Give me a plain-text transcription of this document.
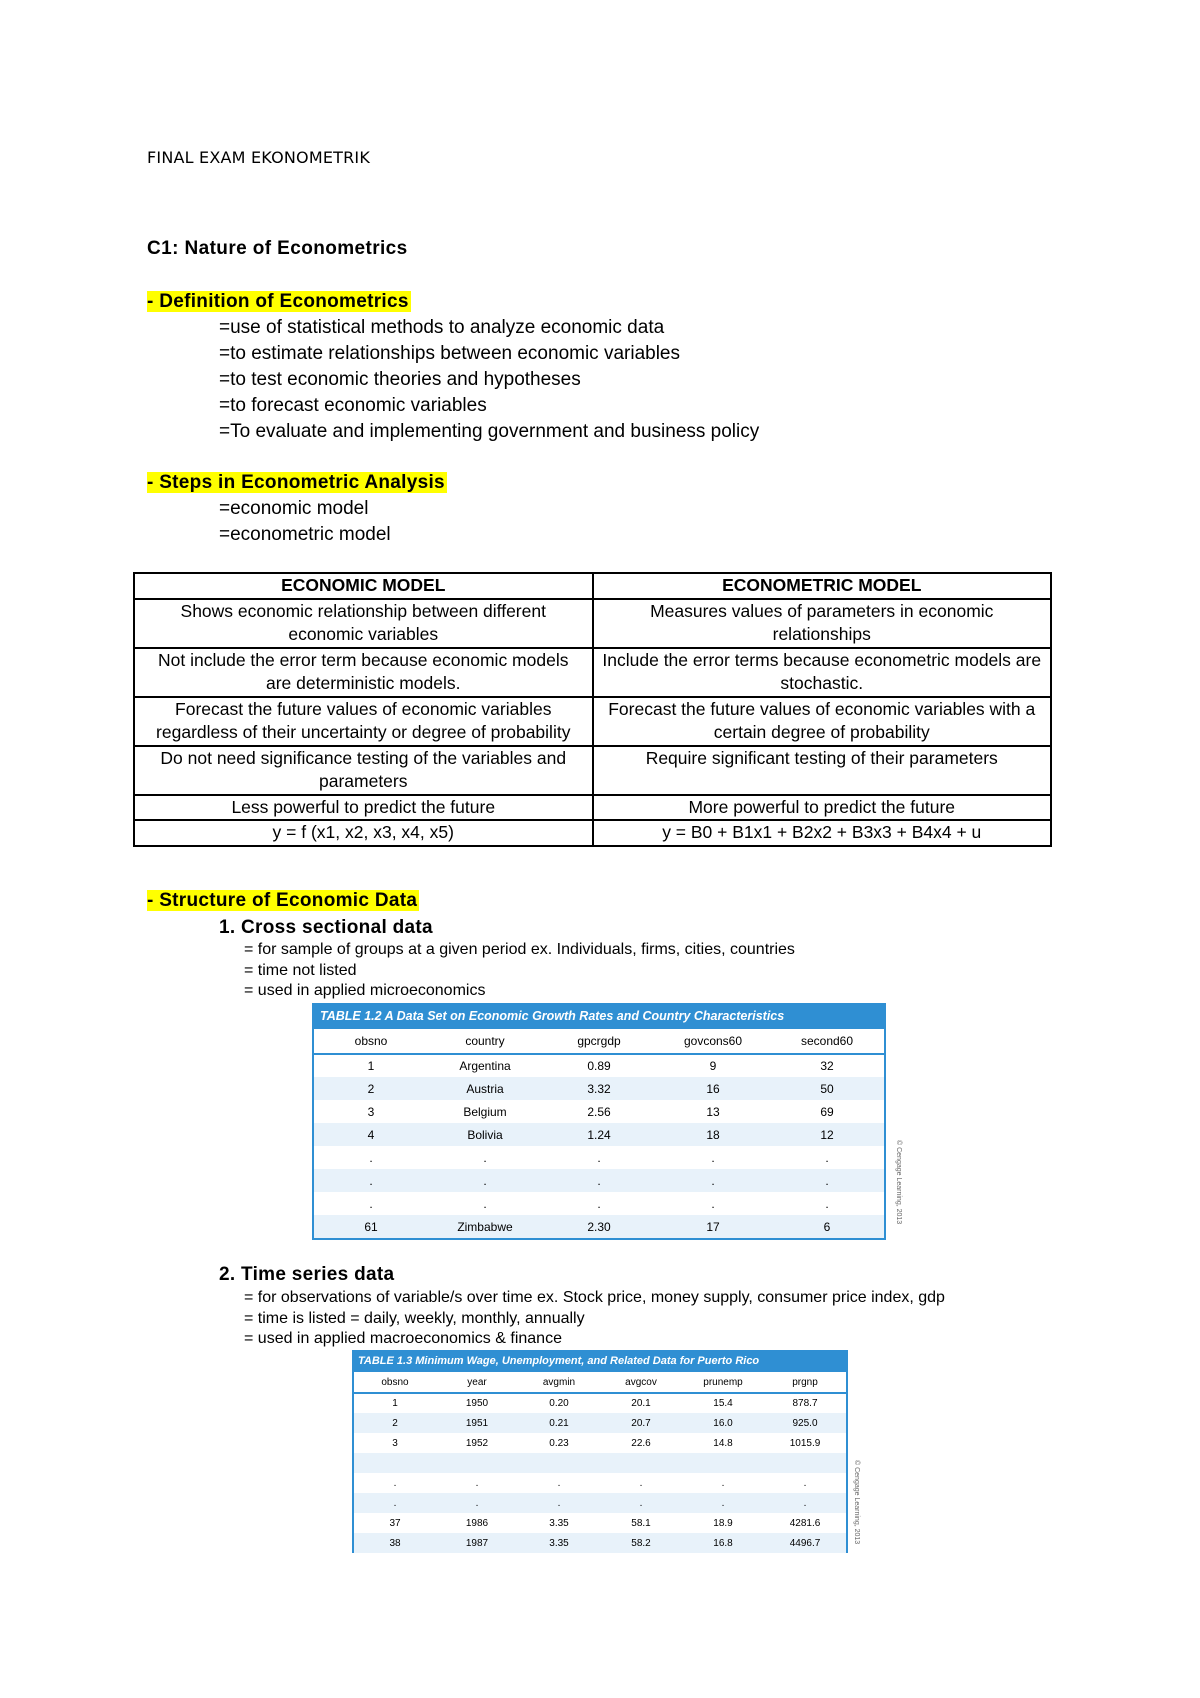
FINAL EXAM EKONOMETRIK
C1: Nature of Econometrics
- Definition of Econometrics
=use of statistical methods to analyze economic data
=to estimate relationships between economic variables
=to test economic theories and hypotheses
=to forecast economic variables
=To evaluate and implementing government and business policy
- Steps in Econometric Analysis
=economic model
=econometric model
ECONOMIC MODEL	ECONOMETRIC MODEL
Shows economic relationship between different economic variables	Measures values of parameters in economic relationships
Not include the error term because economic models are deterministic models.	Include the error terms because econometric models are stochastic.
Forecast the future values of economic variables regardless of their uncertainty or degree of probability	Forecast the future values of economic variables with a certain degree of probability
Do not need significance testing of the variables and parameters	Require significant testing of their parameters
Less powerful to predict the future	More powerful to predict the future
y = f (x1, x2, x3, x4, x5)	y = B0 + B1x1 + B2x2 + B3x3 + B4x4 + u
- Structure of Economic Data
1. Cross sectional data
= for sample of groups at a given period ex. Individuals, firms, cities, countries
= time not listed
= used in applied microeconomics
TABLE 1.2 A Data Set on Economic Growth Rates and Country Characteristics
obsno	country	gpcrgdp	govcons60	second60
1	Argentina	0.89	9	32
2	Austria	3.32	16	50
3	Belgium	2.56	13	69
4	Bolivia	1.24	18	12
.	.	.	.	.
.	.	.	.	.
.	.	.	.	.
61	Zimbabwe	2.30	17	6
© Cengage Learning, 2013
2. Time series data
= for observations of variable/s over time ex. Stock price, money supply, consumer price index, gdp
= time is listed = daily, weekly, monthly, annually
= used in applied macroeconomics & finance
TABLE 1.3 Minimum Wage, Unemployment, and Related Data for Puerto Rico
obsno	year	avgmin	avgcov	prunemp	prgnp
1	1950	0.20	20.1	15.4	878.7
2	1951	0.21	20.7	16.0	925.0
3	1952	0.23	22.6	14.8	1015.9

.	.	.	.	.	.
.	.	.	.	.	.
37	1986	3.35	58.1	18.9	4281.6
38	1987	3.35	58.2	16.8	4496.7	© Cengage Learning, 2013
